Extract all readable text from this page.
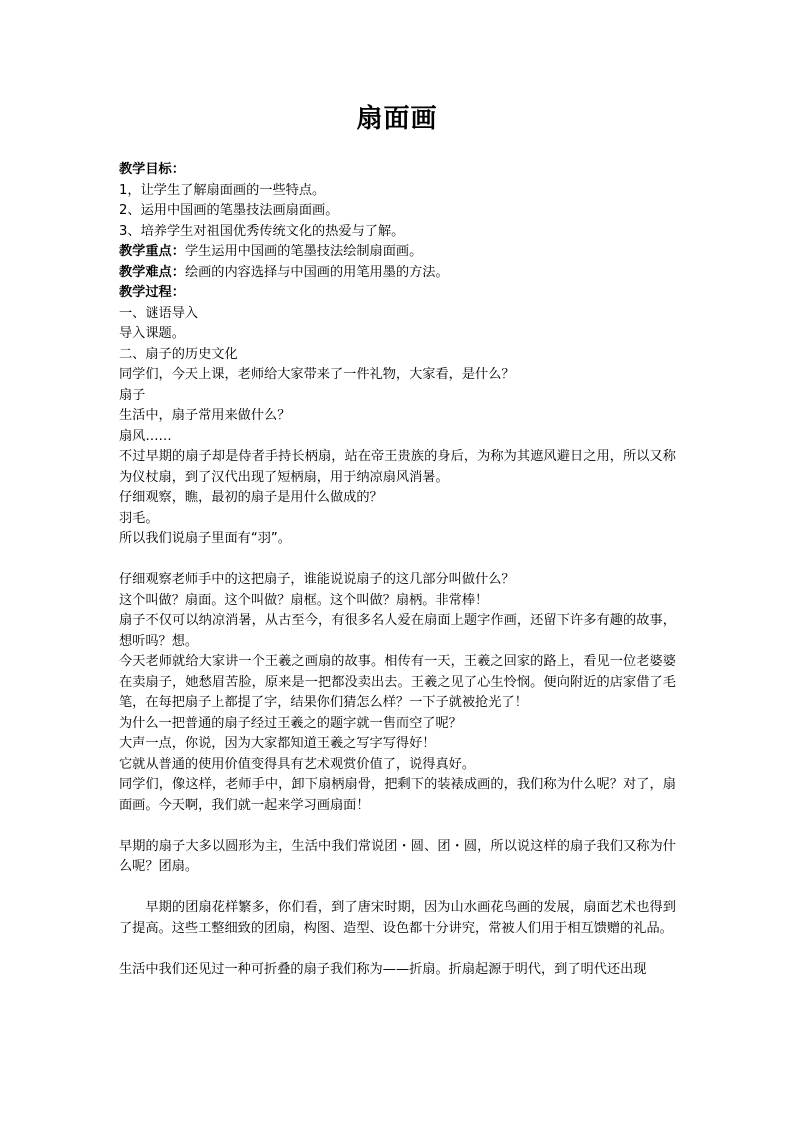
扇面画
教学目标：
1，让学生了解扇面画的一些特点。
2、运用中国画的笔墨技法画扇面画。
3、培养学生对祖国优秀传统文化的热爱与了解。
教学重点：学生运用中国画的笔墨技法绘制扇面画。
教学难点：绘画的内容选择与中国画的用笔用墨的方法。
教学过程：
一、谜语导入
导入课题。
二、扇子的历史文化
同学们，今天上课，老师给大家带来了一件礼物，大家看，是什么？
扇子
生活中，扇子常用来做什么？
扇风……
不过早期的扇子却是侍者手持长柄扇，站在帝王贵族的身后，为称为其遮风避日之用，所以又称为仪杖扇，到了汉代出现了短柄扇，用于纳凉扇风消暑。
仔细观察，瞧，最初的扇子是用什么做成的？
羽毛。
所以我们说扇子里面有“羽”。
仔细观察老师手中的这把扇子，谁能说说扇子的这几部分叫做什么？
这个叫做？扇面。这个叫做？扇框。这个叫做？扇柄。非常棒！
扇子不仅可以纳凉消暑，从古至今，有很多名人爱在扇面上题字作画，还留下许多有趣的故事，想听吗？想。
今天老师就给大家讲一个王羲之画扇的故事。相传有一天，王羲之回家的路上，看见一位老婆婆在卖扇子，她愁眉苦脸，原来是一把都没卖出去。王羲之见了心生怜悯。便向附近的店家借了毛笔，在每把扇子上都提了字，结果你们猜怎么样？一下子就被抢光了！
为什么一把普通的扇子经过王羲之的题字就一售而空了呢？
大声一点，你说，因为大家都知道王羲之写字写得好！
它就从普通的使用价值变得具有艺术观赏价值了，说得真好。
同学们，像这样，老师手中，卸下扇柄扇骨，把剩下的装裱成画的，我们称为什么呢？对了，扇面画。今天啊，我们就一起来学习画扇面！
早期的扇子大多以圆形为主，生活中我们常说团・圆、团・圆，所以说这样的扇子我们又称为什么呢？团扇。
早期的团扇花样繁多，你们看，到了唐宋时期，因为山水画花鸟画的发展，扇面艺术也得到了提高。这些工整细致的团扇，构图、造型、设色都十分讲究，常被人们用于相互馈赠的礼品。
生活中我们还见过一种可折叠的扇子我们称为——折扇。折扇起源于明代，到了明代还出现
